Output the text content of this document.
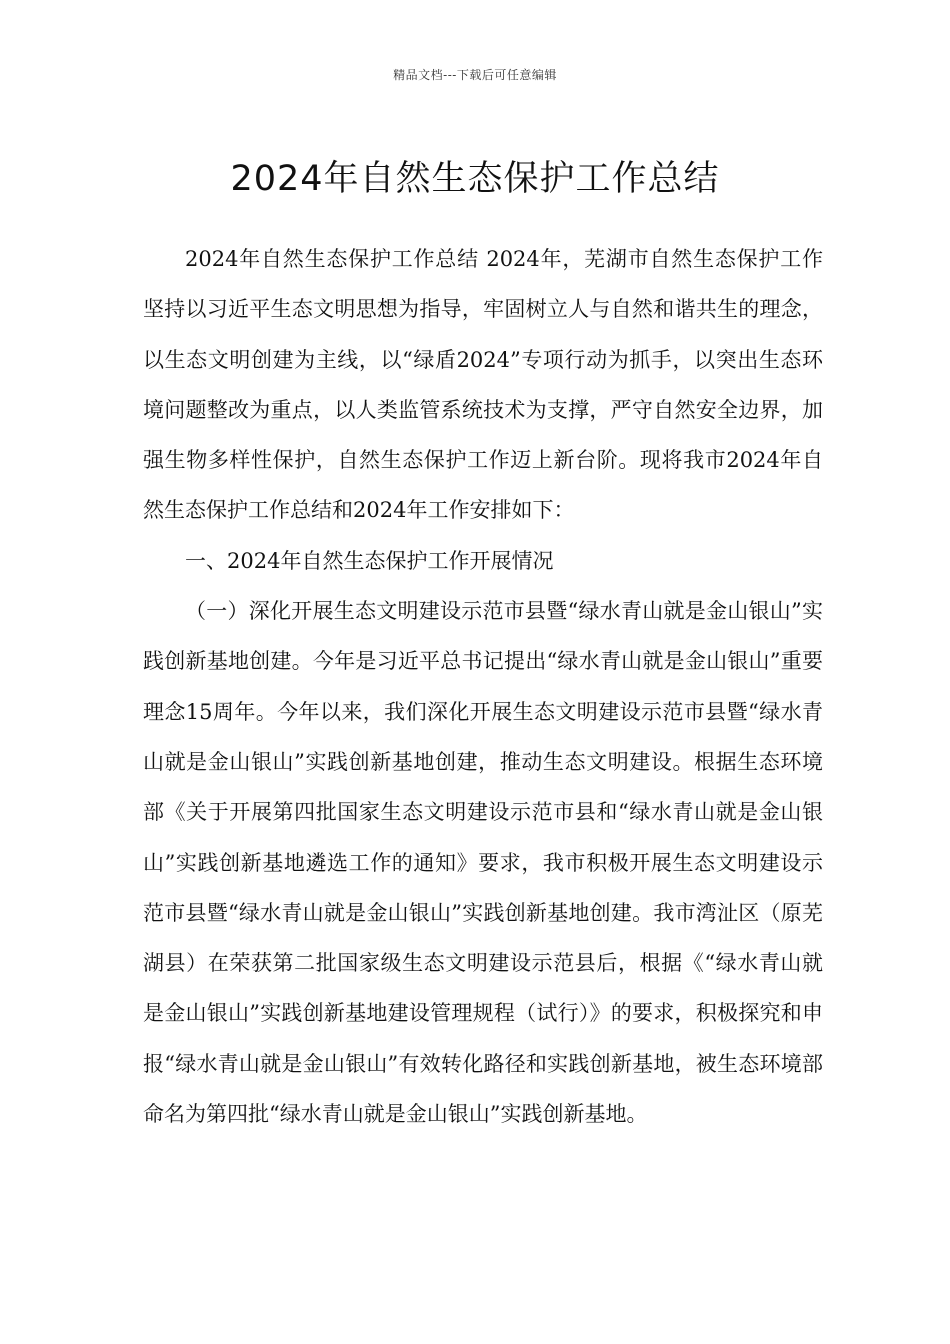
精品文档---下载后可任意编辑
2024年自然生态保护工作总结

2024年自然生态保护工作总结 2024年，芜湖市自然生态保护工作坚持以习近平生态文明思想为指导，牢固树立人与自然和谐共生的理念，以生态文明创建为主线，以“绿盾2024”专项行动为抓手，以突出生态环境问题整改为重点，以人类监管系统技术为支撑，严守自然安全边界，加强生物多样性保护，自然生态保护工作迈上新台阶。现将我市2024年自然生态保护工作总结和2024年工作安排如下：

一、2024年自然生态保护工作开展情况

（一）深化开展生态文明建设示范市县暨“绿水青山就是金山银山”实践创新基地创建。今年是习近平总书记提出“绿水青山就是金山银山”重要理念15周年。今年以来，我们深化开展生态文明建设示范市县暨“绿水青山就是金山银山”实践创新基地创建，推动生态文明建设。根据生态环境部《关于开展第四批国家生态文明建设示范市县和“绿水青山就是金山银山”实践创新基地遴选工作的通知》要求，我市积极开展生态文明建设示范市县暨“绿水青山就是金山银山”实践创新基地创建。我市湾沚区（原芜湖县）在荣获第二批国家级生态文明建设示范县后，根据《“绿水青山就是金山银山”实践创新基地建设管理规程（试行）》的要求，积极探究和申报“绿水青山就是金山银山”有效转化路径和实践创新基地，被生态环境部命名为第四批“绿水青山就是金山银山”实践创新基地。
